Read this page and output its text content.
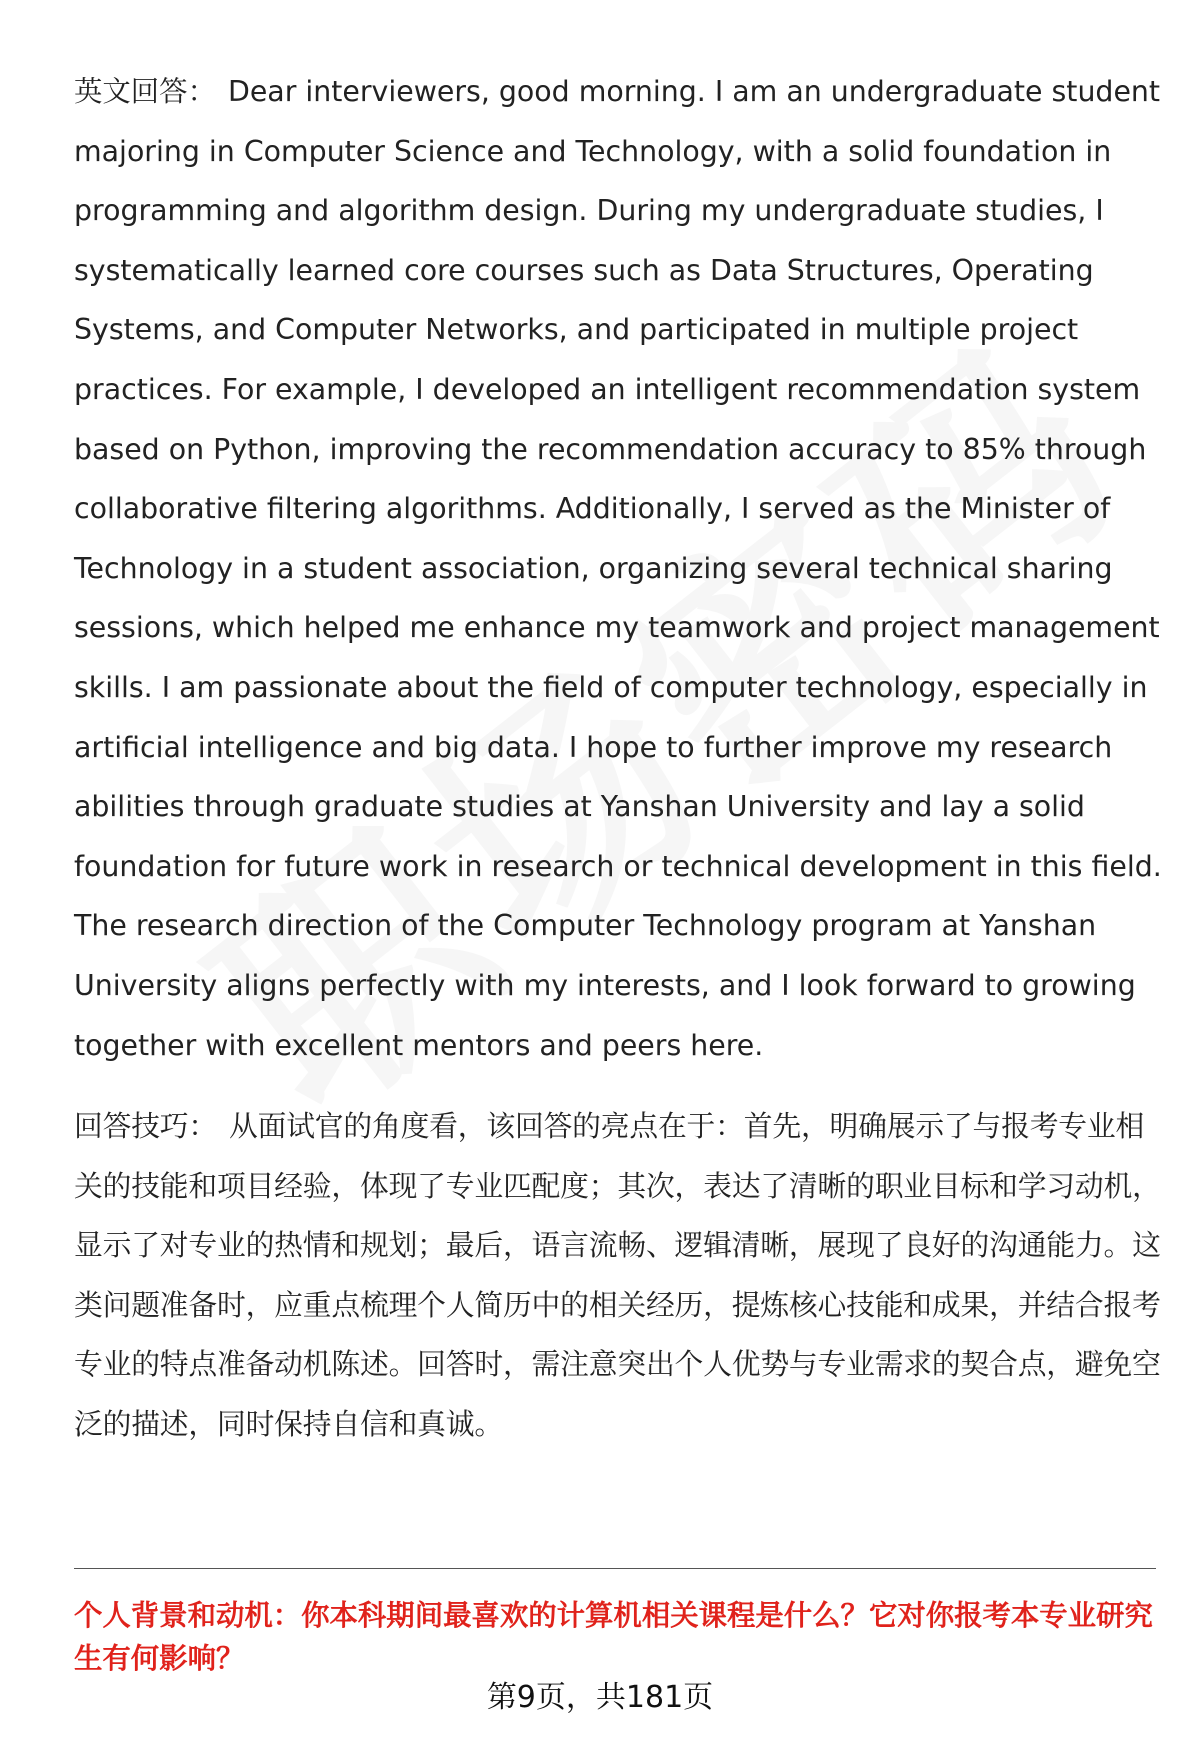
英文回答： Dear interviewers, good morning. I am an undergraduate student majoring in Computer Science and Technology, with a solid foundation in programming and algorithm design. During my undergraduate studies, I systematically learned core courses such as Data Structures, Operating Systems, and Computer Networks, and participated in multiple project practices. For example, I developed an intelligent recommendation system based on Python, improving the recommendation accuracy to 85% through collaborative filtering algorithms. Additionally, I served as the Minister of Technology in a student association, organizing several technical sharing sessions, which helped me enhance my teamwork and project management skills. I am passionate about the field of computer technology, especially in artificial intelligence and big data. I hope to further improve my research abilities through graduate studies at Yanshan University and lay a solid foundation for future work in research or technical development in this field. The research direction of the Computer Technology program at Yanshan University aligns perfectly with my interests, and I look forward to growing together with excellent mentors and peers here.

回答技巧： 从面试官的角度看，该回答的亮点在于：首先，明确展示了与报考专业相关的技能和项目经验，体现了专业匹配度；其次，表达了清晰的职业目标和学习动机，显示了对专业的热情和规划；最后，语言流畅、逻辑清晰，展现了良好的沟通能力。这类问题准备时，应重点梳理个人简历中的相关经历，提炼核心技能和成果，并结合报考专业的特点准备动机陈述。回答时，需注意突出个人优势与专业需求的契合点，避免空泛的描述，同时保持自信和真诚。

个人背景和动机：你本科期间最喜欢的计算机相关课程是什么？它对你报考本专业研究生有何影响？

第9页，共181页
